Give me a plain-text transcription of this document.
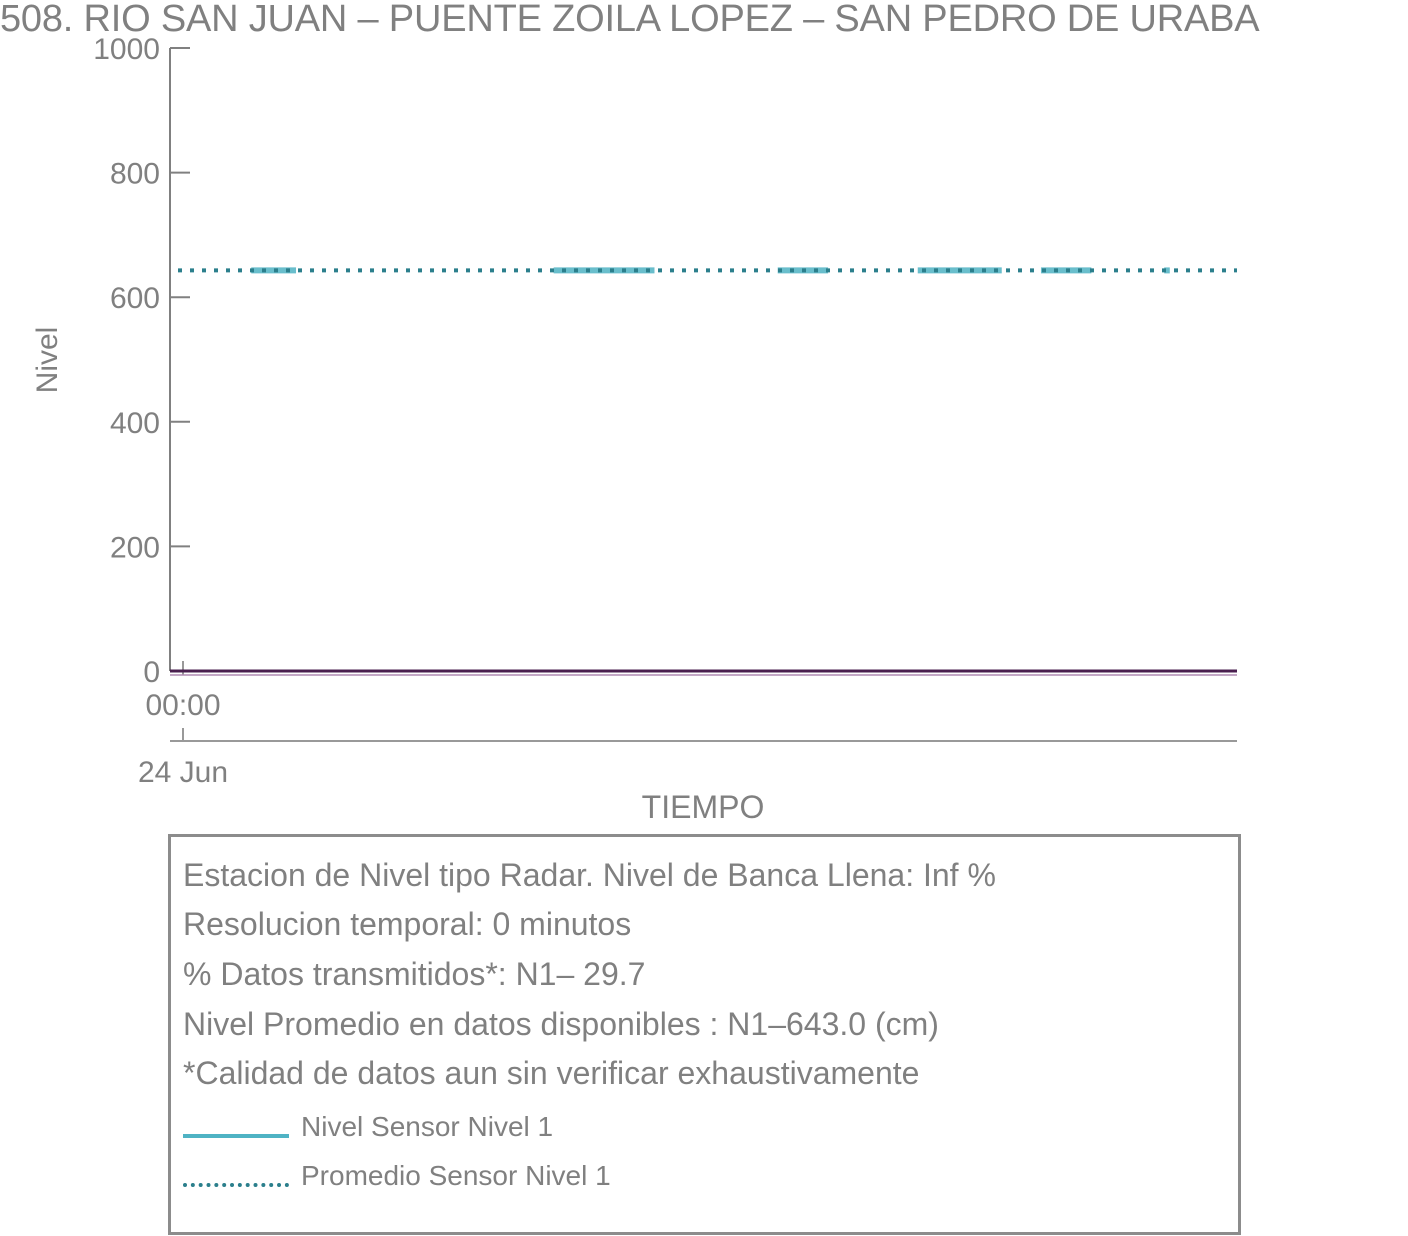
508. RIO SAN JUAN – PUENTE ZOILA LOPEZ – SAN PEDRO DE URABA
0
200
400
600
800
1000
00:00
24 Jun
Nivel
TIEMPO
Estacion de Nivel tipo Radar. Nivel de Banca Llena: Inf %
Resolucion temporal: 0 minutos
% Datos transmitidos*: N1– 29.7
Nivel Promedio en datos disponibles : N1–643.0 (cm)
*Calidad de datos aun sin verificar exhaustivamente
Nivel Sensor Nivel 1
Promedio Sensor Nivel 1
